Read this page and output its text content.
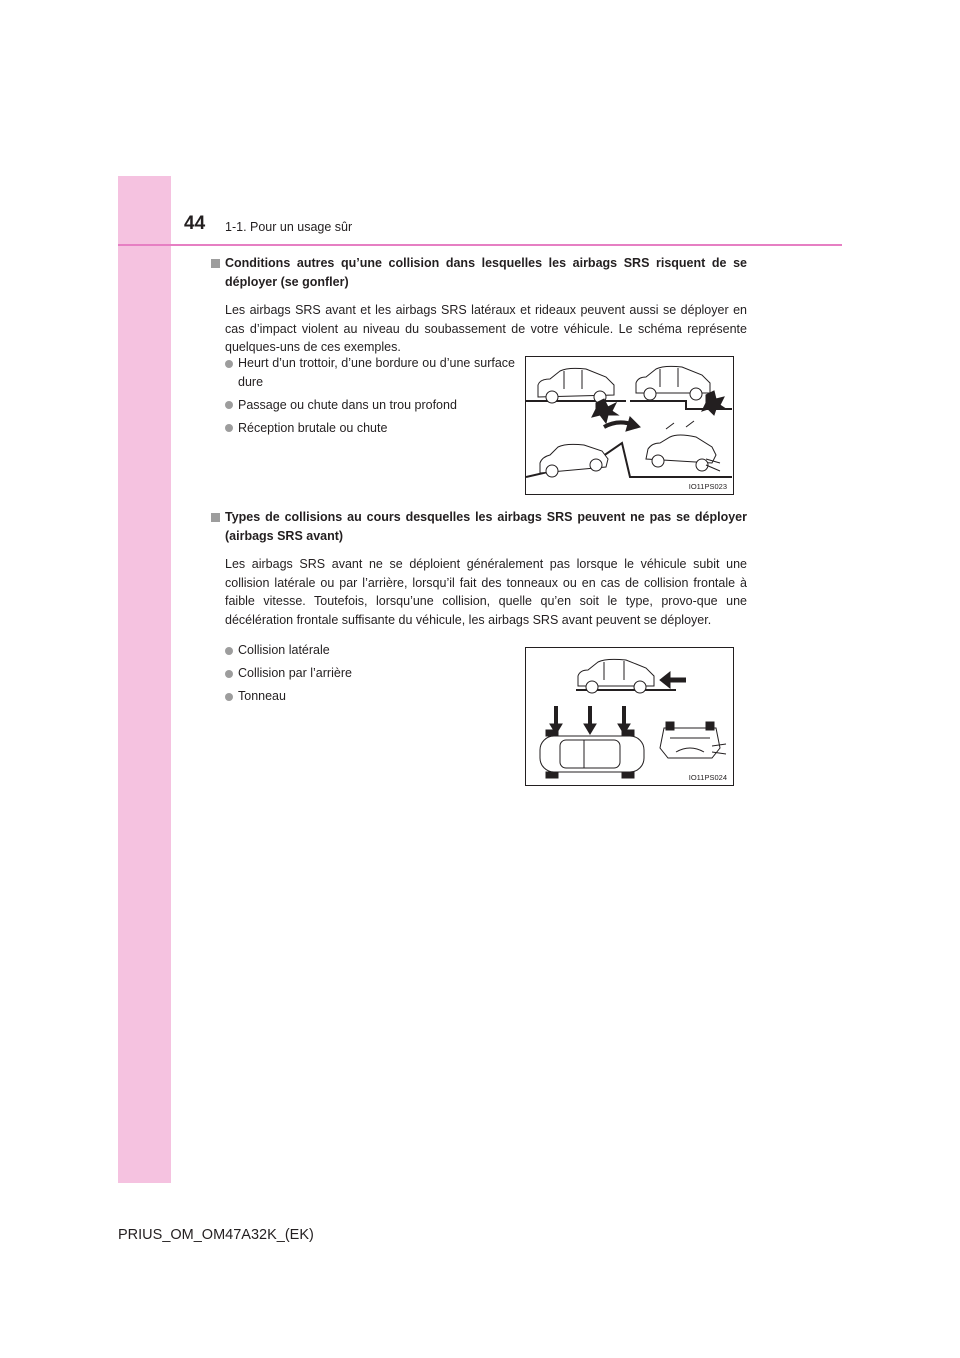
44 1-1. Pour un usage sûr
Conditions autres qu’une collision dans lesquelles les airbags SRS risquent de se déployer (se gonfler)
Les airbags SRS avant et les airbags SRS latéraux et rideaux peuvent aussi se déployer en cas d’impact violent au niveau du soubassement de votre véhicule. Le schéma représente quelques-uns de ces exemples.
Heurt d’un trottoir, d’une bordure ou d’une surface dure
Passage ou chute dans un trou profond
Réception brutale ou chute
IO11PS023
Types de collisions au cours desquelles les airbags SRS peuvent ne pas se déployer (airbags SRS avant)
Les airbags SRS avant ne se déploient généralement pas lorsque le véhicule subit une collision latérale ou par l’arrière, lorsqu’il fait des tonneaux ou en cas de collision frontale à faible vitesse. Toutefois, lorsqu’une collision, quelle qu’en soit le type, provo-que une décélération frontale suffisante du véhicule, les airbags SRS avant peuvent se déployer.
Collision latérale
Collision par l’arrière
Tonneau
IO11PS024
PRIUS_OM_OM47A32K_(EK)
